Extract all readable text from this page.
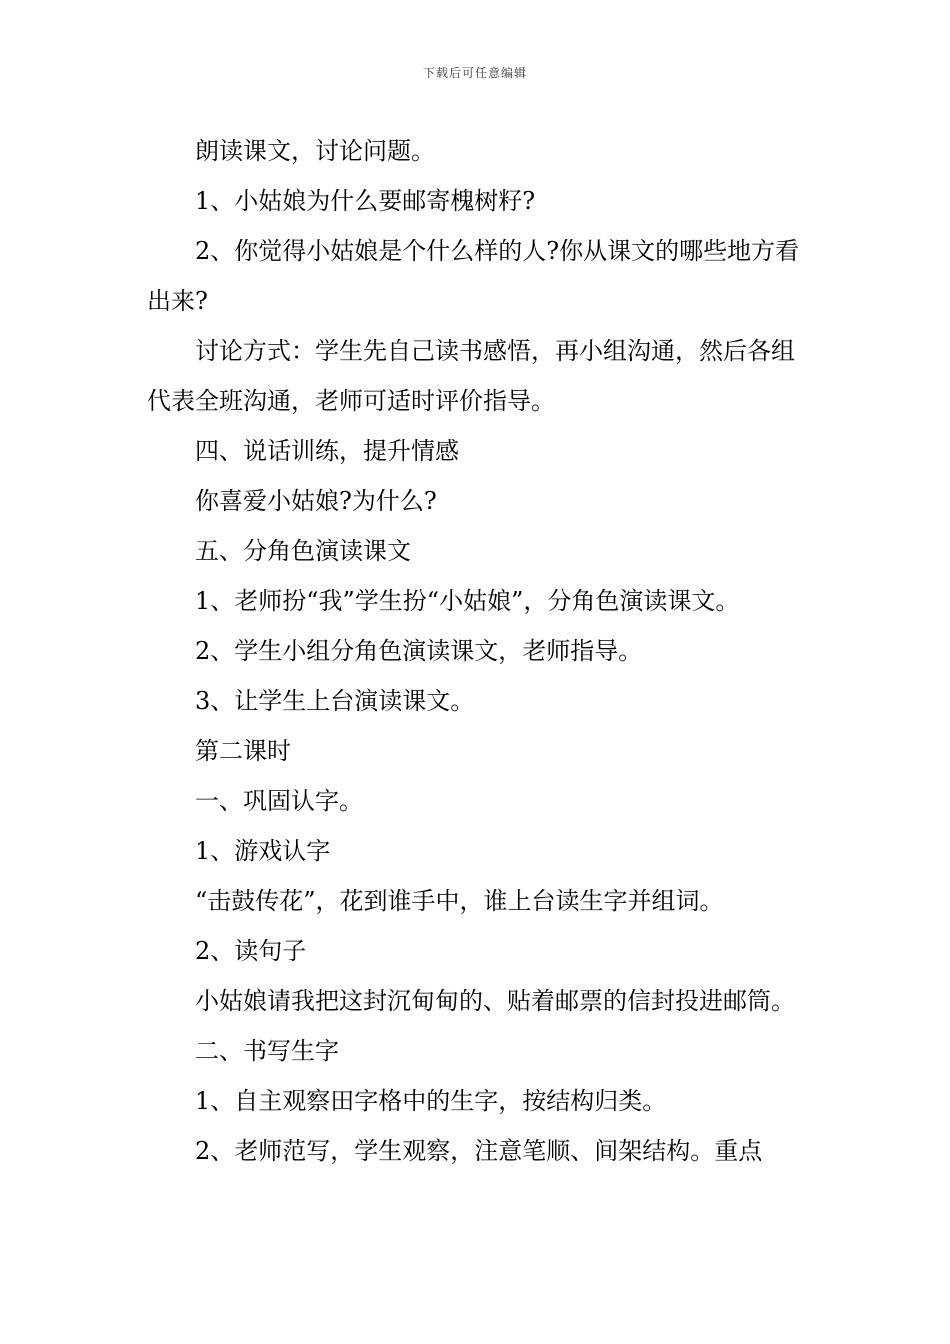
下载后可任意编辑

朗读课文，讨论问题。

1、小姑娘为什么要邮寄槐树籽?

2、你觉得小姑娘是个什么样的人?你从课文的哪些地方看出来?

讨论方式：学生先自己读书感悟，再小组沟通，然后各组代表全班沟通，老师可适时评价指导。

四、说话训练，提升情感

你喜爱小姑娘?为什么?

五、分角色演读课文

1、老师扮“我”学生扮“小姑娘”，分角色演读课文。

2、学生小组分角色演读课文，老师指导。

3、让学生上台演读课文。

第二课时

一、巩固认字。

1、游戏认字

“击鼓传花”，花到谁手中，谁上台读生字并组词。

2、读句子

小姑娘请我把这封沉甸甸的、贴着邮票的信封投进邮筒。

二、书写生字

1、自主观察田字格中的生字，按结构归类。

2、老师范写，学生观察，注意笔顺、间架结构。重点
